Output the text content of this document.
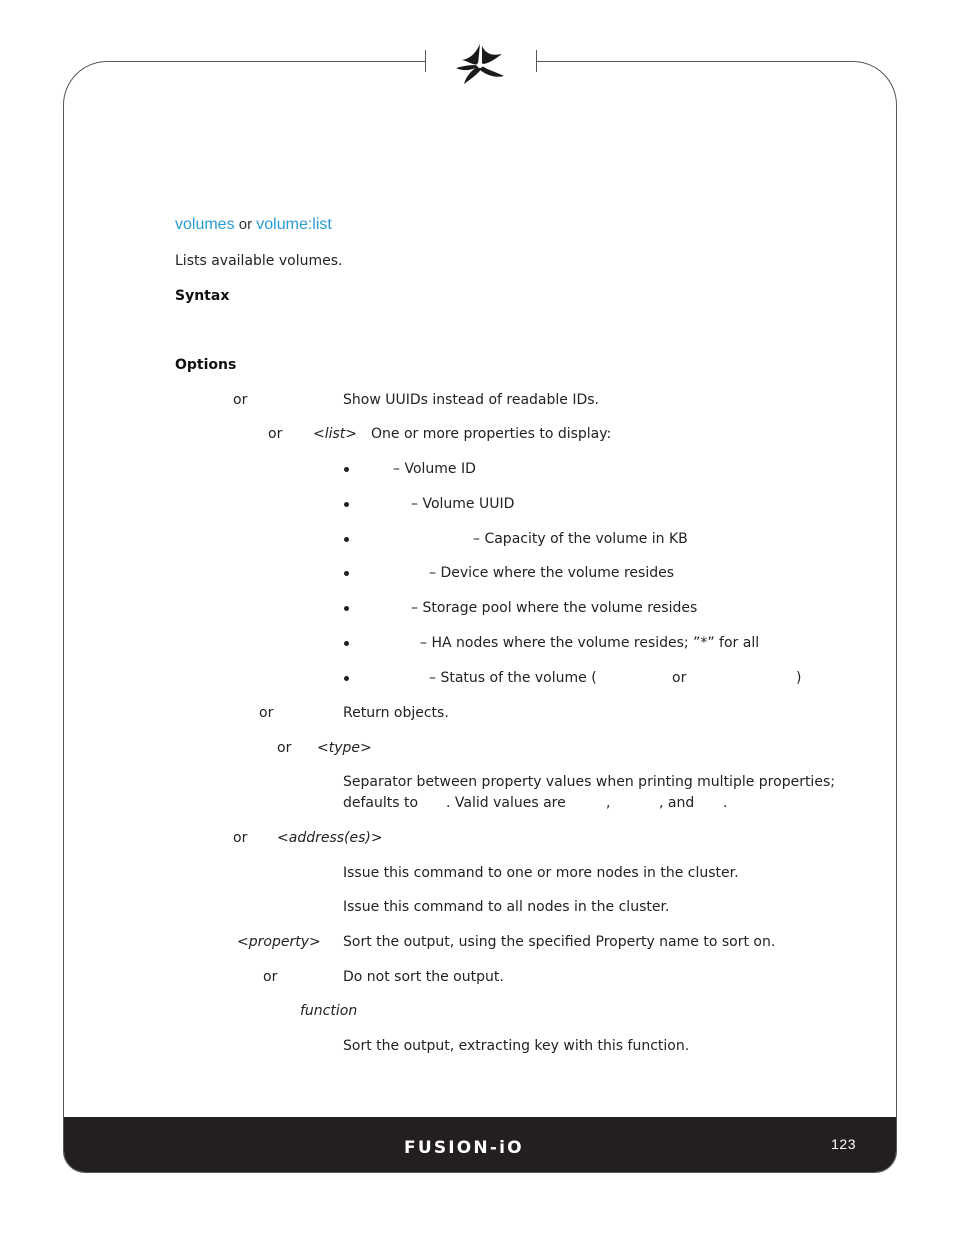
FUSION-iO	123
volumes or volume:list
Lists available volumes.
Syntax
Options
or	Show UUIDs instead of readable IDs.
or <list> One or more properties to display:
– Volume ID
– Volume UUID
– Capacity of the volume in KB
– Device where the volume resides
– Storage pool where the volume resides
– HA nodes where the volume resides; ”*” for all
– Status of the volume (	or	)
or	Return objects.
or <type>
Separator between property values when printing multiple properties;
defaults to . Valid values are	,	, and .
or <address(es)>
Issue this command to one or more nodes in the cluster.
Issue this command to all nodes in the cluster.
<property> Sort the output, using the specified Property name to sort on.
or	Do not sort the output.
function
Sort the output, extracting key with this function.
